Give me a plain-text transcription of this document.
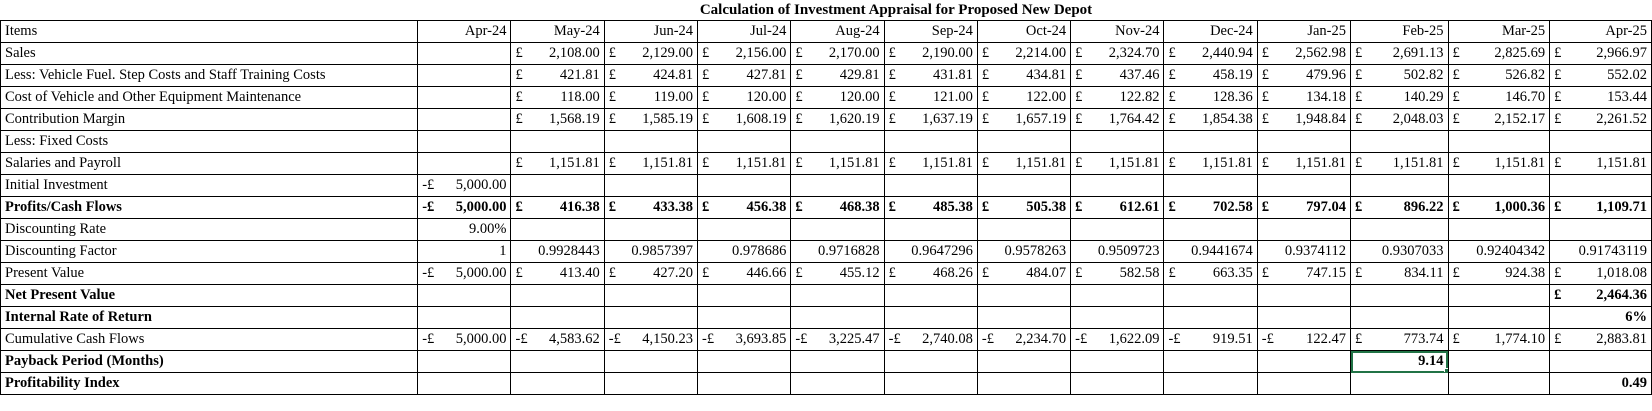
Calculation of Investment Appraisal for Proposed New Depot
Items	Apr-24	May-24	Jun-24	Jul-24	Aug-24	Sep-24	Oct-24	Nov-24	Dec-24	Jan-25	Feb-25	Mar-25	Apr-25
Sales		£ 2,108.00	£ 2,129.00	£ 2,156.00	£ 2,170.00	£ 2,190.00	£ 2,214.00	£ 2,324.70	£ 2,440.94	£ 2,562.98	£ 2,691.13	£ 2,825.69	£ 2,966.97
Less: Vehicle Fuel. Step Costs and Staff Training Costs		£ 421.81	£ 424.81	£ 427.81	£ 429.81	£ 431.81	£ 434.81	£ 437.46	£ 458.19	£ 479.96	£ 502.82	£ 526.82	£ 552.02
Cost of Vehicle and Other Equipment Maintenance		£ 118.00	£ 119.00	£ 120.00	£ 120.00	£ 121.00	£ 122.00	£ 122.82	£ 128.36	£ 134.18	£ 140.29	£ 146.70	£ 153.44
Contribution Margin		£ 1,568.19	£ 1,585.19	£ 1,608.19	£ 1,620.19	£ 1,637.19	£ 1,657.19	£ 1,764.42	£ 1,854.38	£ 1,948.84	£ 2,048.03	£ 2,152.17	£ 2,261.52
Less: Fixed Costs													
Salaries and Payroll		£ 1,151.81	£ 1,151.81	£ 1,151.81	£ 1,151.81	£ 1,151.81	£ 1,151.81	£ 1,151.81	£ 1,151.81	£ 1,151.81	£ 1,151.81	£ 1,151.81	£ 1,151.81
Initial Investment	-£ 5,000.00												
Profits/Cash Flows	-£ 5,000.00	£ 416.38	£ 433.38	£ 456.38	£ 468.38	£ 485.38	£ 505.38	£ 612.61	£ 702.58	£ 797.04	£ 896.22	£ 1,000.36	£ 1,109.71
Discounting Rate	9.00%												
Discounting Factor	1	0.9928443	0.9857397	0.978686	0.9716828	0.9647296	0.9578263	0.9509723	0.9441674	0.9374112	0.9307033	0.92404342	0.91743119
Present Value	-£ 5,000.00	£ 413.40	£ 427.20	£ 446.66	£ 455.12	£ 468.26	£ 484.07	£ 582.58	£ 663.35	£ 747.15	£ 834.11	£ 924.38	£ 1,018.08
Net Present Value													£ 2,464.36
Internal Rate of Return													6%
Cumulative Cash Flows	-£ 5,000.00	-£ 4,583.62	-£ 4,150.23	-£ 3,693.85	-£ 3,225.47	-£ 2,740.08	-£ 2,234.70	-£ 1,622.09	-£ 919.51	-£ 122.47	£ 773.74	£ 1,774.10	£ 2,883.81
Payback Period (Months)											9.14		
Profitability Index													0.49
